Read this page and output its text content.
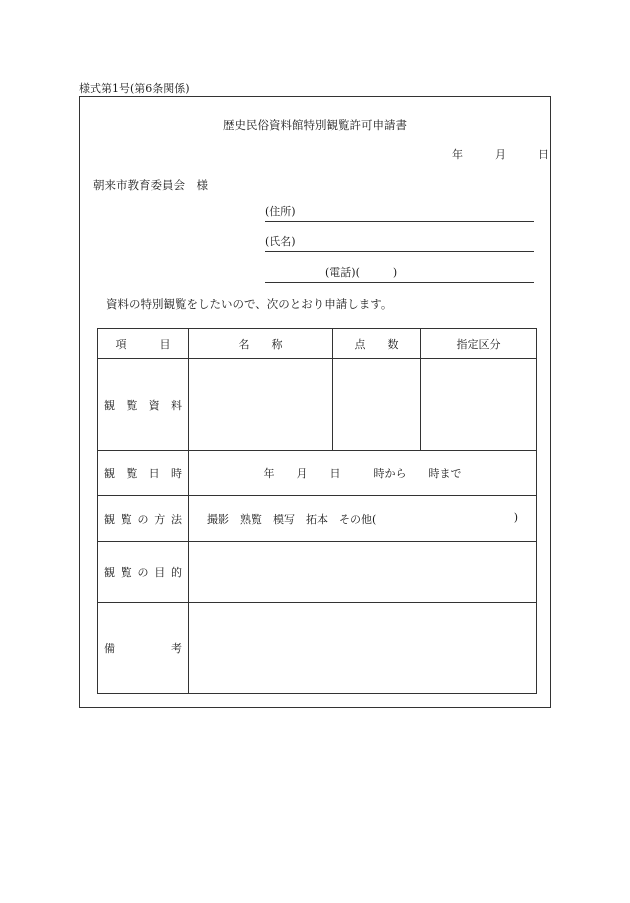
様式第1号(第6条関係)
歴史民俗資料館特別観覧許可申請書
年	月	日
朝来市教育委員会　様
(住所)
(氏名)
(電話)(　　　)
資料の特別観覧をしたいので、次のとおり申請します。
項　　　目	名　　称	点　　数	指定区分

観 覧 資 料			

観 覧 日 時	年　　月　　日　　　時から　　時まで		

観 覧 の 方 法	撮影　熟覧　模写　拓本　その他( )		

観 覧 の 目 的			

備 考			
